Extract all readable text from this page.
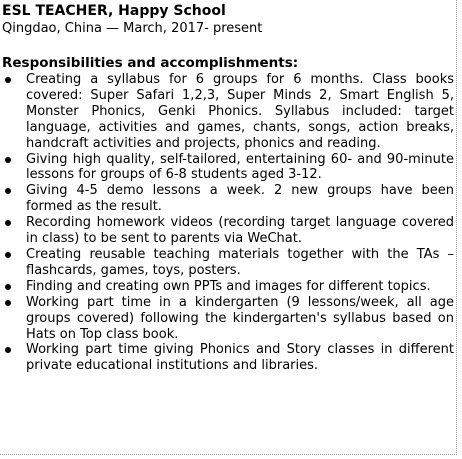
ESL TEACHER, Happy School
Qingdao, China — March, 2017- present
Responsibilities and accomplishments:
Creating a syllabus for 6 groups for 6 months. Class books covered: Super Safari 1,2,3, Super Minds 2, Smart English 5, Monster Phonics, Genki Phonics. Syllabus included: target language, activities and games, chants, songs, action breaks, handcraft activities and projects, phonics and reading.
Giving high quality, self-tailored, entertaining 60- and 90-minute lessons for groups of 6-8 students aged 3-12.
Giving 4-5 demo lessons a week. 2 new groups have been formed as the result.
Recording homework videos (recording target language covered in class) to be sent to parents via WeChat.
Creating reusable teaching materials together with the TAs – flashcards, games, toys, posters.
Finding and creating own PPTs and images for different topics.
Working part time in a kindergarten (9 lessons/week, all age groups covered) following the kindergarten's syllabus based on Hats on Top class book.
Working part time giving Phonics and Story classes in different private educational institutions and libraries.
